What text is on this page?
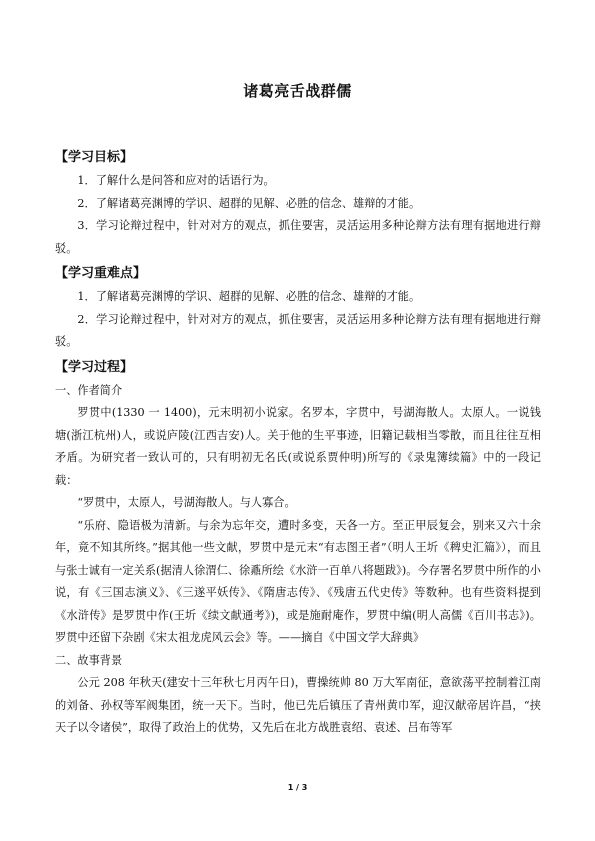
诸葛亮舌战群儒
【学习目标】

1．了解什么是问答和应对的话语行为。

2．了解诸葛亮渊博的学识、超群的见解、必胜的信念、雄辩的才能。

3．学习论辩过程中，针对对方的观点，抓住要害，灵活运用多种论辩方法有理有据地进行辩驳。

【学习重难点】

1．了解诸葛亮渊博的学识、超群的见解、必胜的信念、雄辩的才能。

2．学习论辩过程中，针对对方的观点，抓住要害，灵活运用多种论辩方法有理有据地进行辩驳。

【学习过程】

一、作者简介

罗贯中(1330 一 1400)，元末明初小说家。名罗本，字贯中，号湖海散人。太原人。一说钱塘(浙江杭州)人，或说庐陵(江西吉安)人。关于他的生平事迹，旧籍记载相当零散，而且往往互相矛盾。为研究者一致认可的，只有明初无名氏(或说系贾仲明)所写的《录鬼簿续篇》中的一段记载：

“罗贯中，太原人，号湖海散人。与人寡合。

“乐府、隐语极为清新。与余为忘年交，遭时多变，天各一方。至正甲辰复会，别来又六十余年，竟不知其所终。”据其他一些文献，罗贯中是元末“有志图王者”（明人王圻《稗史汇篇》），而且与张士诚有一定关系(据清人徐渭仁、徐鼒所绘《水浒一百单八将题跋》)。今存署名罗贯中所作的小说，有《三国志演义》、《三遂平妖传》、《隋唐志传》、《残唐五代史传》等数种。也有些资料提到《水浒传》是罗贯中作(王圻《续文献通考》)，或是施耐庵作，罗贯中编(明人高儒《百川书志》)。罗贯中还留下杂剧《宋太祖龙虎风云会》等。——摘自《中国文学大辞典》

二、故事背景

公元 208 年秋天(建安十三年秋七月丙午日)，曹操统帅 80 万大军南征，意欲荡平控制着江南的刘备、孙权等军阀集团，统一天下。当时，他已先后镇压了青州黄巾军，迎汉献帝居许昌，“挟天子以令诸侯”，取得了政治上的优势，又先后在北方战胜袁绍、袁述、吕布等军

1 / 3
